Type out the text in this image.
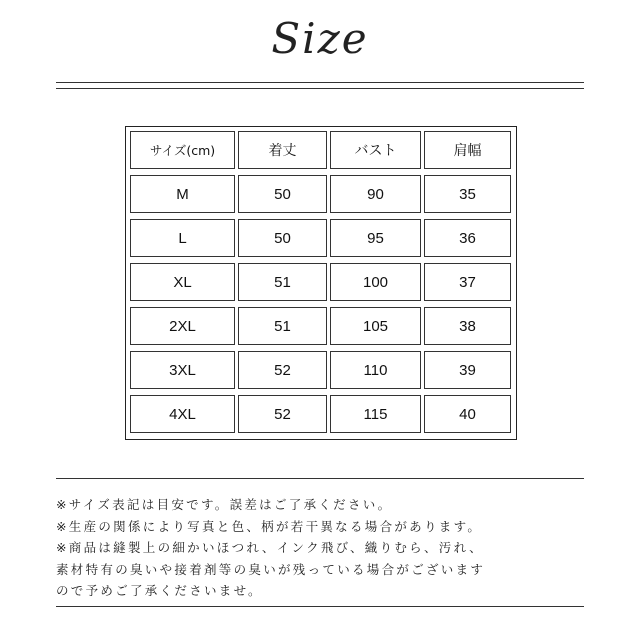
Size
サイズ(cm)	着丈	バスト	肩幅
M	50	90	35
L	50	95	36
XL	51	100	37
2XL	51	105	38
3XL	52	110	39
4XL	52	115	40
※サイズ表記は目安です。誤差はご了承ください。
※生産の関係により写真と色、柄が若干異なる場合があります。
※商品は縫製上の細かいほつれ、インク飛び、織りむら、汚れ、
素材特有の臭いや接着剤等の臭いが残っている場合がございます
ので予めご了承くださいませ。
